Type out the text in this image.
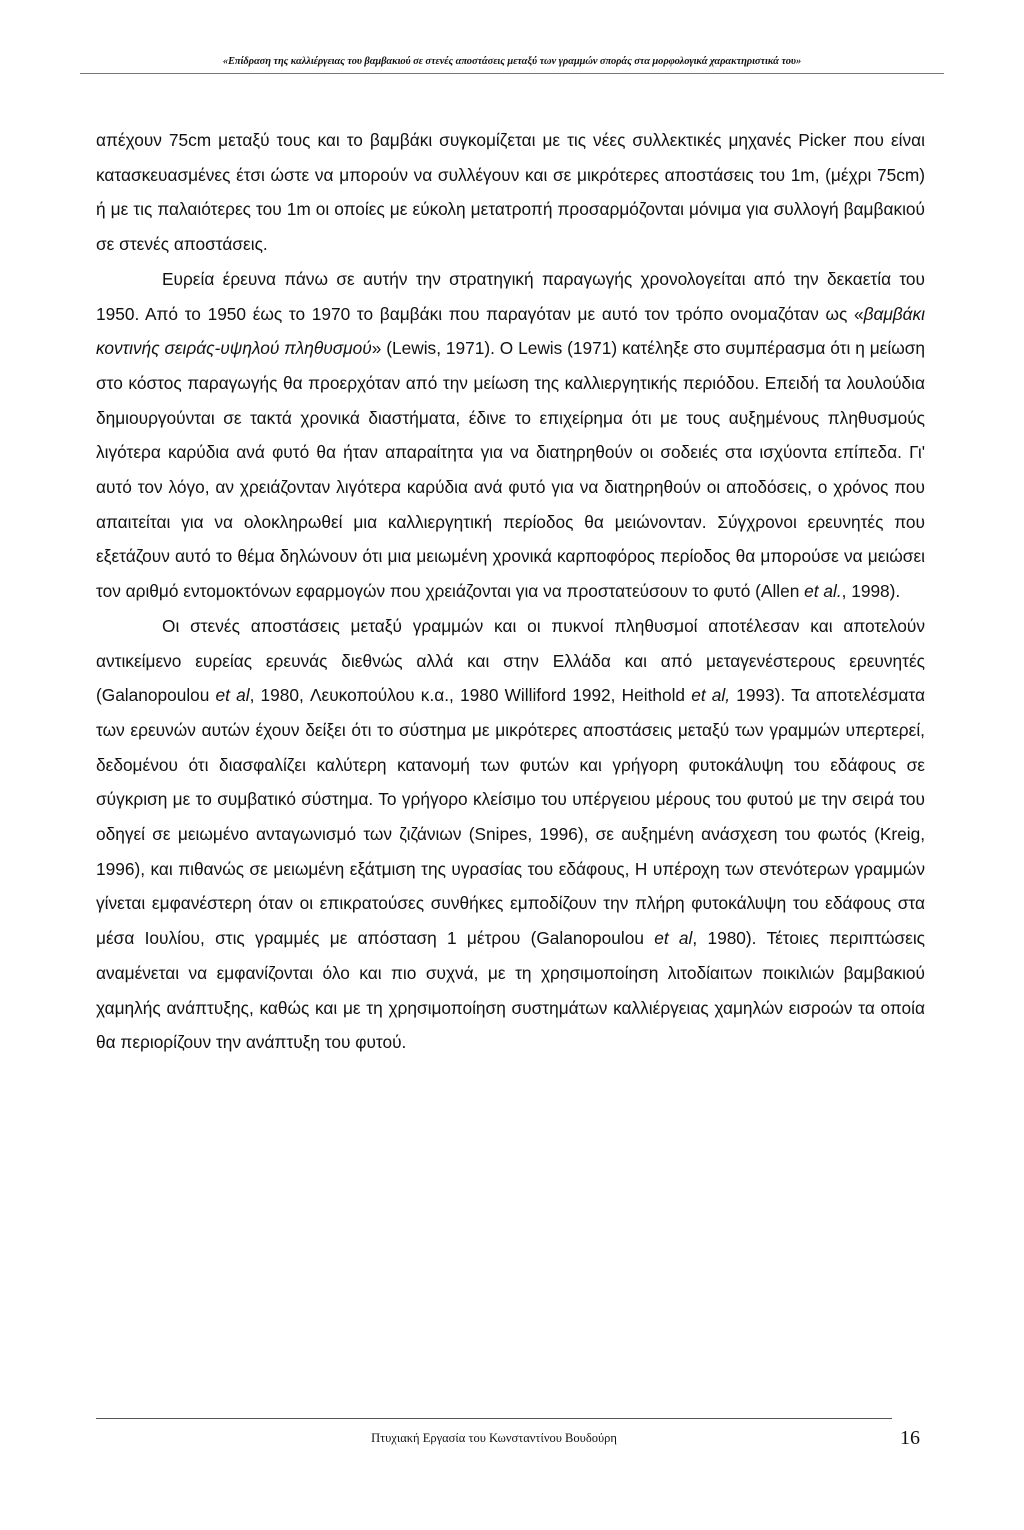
«Επίδραση της καλλιέργειας του βαμβακιού σε στενές αποστάσεις μεταξύ των γραμμών σποράς στα μορφολογικά χαρακτηριστικά του»

απέχουν 75cm μεταξύ τους και το βαμβάκι συγκομίζεται με τις νέες συλλεκτικές μηχανές Picker που είναι κατασκευασμένες έτσι ώστε να μπορούν να συλλέγουν και σε μικρότερες αποστάσεις του 1m, (μέχρι 75cm) ή με τις παλαιότερες του 1m οι οποίες με εύκολη μετατροπή προσαρμόζονται μόνιμα για συλλογή βαμβακιού σε στενές αποστάσεις.

Ευρεία έρευνα πάνω σε αυτήν την στρατηγική παραγωγής χρονολογείται από την δεκαετία του 1950. Από το 1950 έως το 1970 το βαμβάκι που παραγόταν με αυτό τον τρόπο ονομαζόταν ως «βαμβάκι κοντινής σειράς-υψηλού πληθυσμού» (Lewis, 1971). Ο Lewis (1971) κατέληξε στο συμπέρασμα ότι η μείωση στο κόστος παραγωγής θα προερχόταν από την μείωση της καλλιεργητικής περιόδου. Επειδή τα λουλούδια δημιουργούνται σε τακτά χρονικά διαστήματα, έδινε το επιχείρημα ότι με τους αυξημένους πληθυσμούς λιγότερα καρύδια ανά φυτό θα ήταν απαραίτητα για να διατηρηθούν οι σοδειές στα ισχύοντα επίπεδα. Γι' αυτό τον λόγο, αν χρειάζονταν λιγότερα καρύδια ανά φυτό για να διατηρηθούν οι αποδόσεις, ο χρόνος που απαιτείται για να ολοκληρωθεί μια καλλιεργητική περίοδος θα μειώνονταν. Σύγχρονοι ερευνητές που εξετάζουν αυτό το θέμα δηλώνουν ότι μια μειωμένη χρονικά καρποφόρος περίοδος θα μπορούσε να μειώσει τον αριθμό εντομοκτόνων εφαρμογών που χρειάζονται για να προστατεύσουν το φυτό (Allen et al., 1998).

Οι στενές αποστάσεις μεταξύ γραμμών και οι πυκνοί πληθυσμοί αποτέλεσαν και αποτελούν αντικείμενο ευρείας ερευνάς διεθνώς αλλά και στην Ελλάδα και από μεταγενέστερους ερευνητές (Galanopoulou et al, 1980, Λευκοπούλου κ.α., 1980 Williford 1992, Heithold et al, 1993). Τα αποτελέσματα των ερευνών αυτών έχουν δείξει ότι το σύστημα με μικρότερες αποστάσεις μεταξύ των γραμμών υπερτερεί, δεδομένου ότι διασφαλίζει καλύτερη κατανομή των φυτών και γρήγορη φυτοκάλυψη του εδάφους σε σύγκριση με το συμβατικό σύστημα. Το γρήγορο κλείσιμο του υπέργειου μέρους του φυτού με την σειρά του οδηγεί σε μειωμένο ανταγωνισμό των ζιζάνιων (Snipes, 1996), σε αυξημένη ανάσχεση του φωτός (Kreig, 1996), και πιθανώς σε μειωμένη εξάτμιση της υγρασίας του εδάφους, Η υπέροχη των στενότερων γραμμών γίνεται εμφανέστερη όταν οι επικρατούσες συνθήκες εμποδίζουν την πλήρη φυτοκάλυψη του εδάφους στα μέσα Ιουλίου, στις γραμμές με απόσταση 1 μέτρου (Galanopoulou et al, 1980). Τέτοιες περιπτώσεις αναμένεται να εμφανίζονται όλο και πιο συχνά, με τη χρησιμοποίηση λιτοδίαιτων ποικιλιών βαμβακιού χαμηλής ανάπτυξης, καθώς και με τη χρησιμοποίηση συστημάτων καλλιέργειας χαμηλών εισροών τα οποία θα περιορίζουν την ανάπτυξη του φυτού.

Πτυχιακή Εργασία του Κωνσταντίνου Βουδούρη	16
